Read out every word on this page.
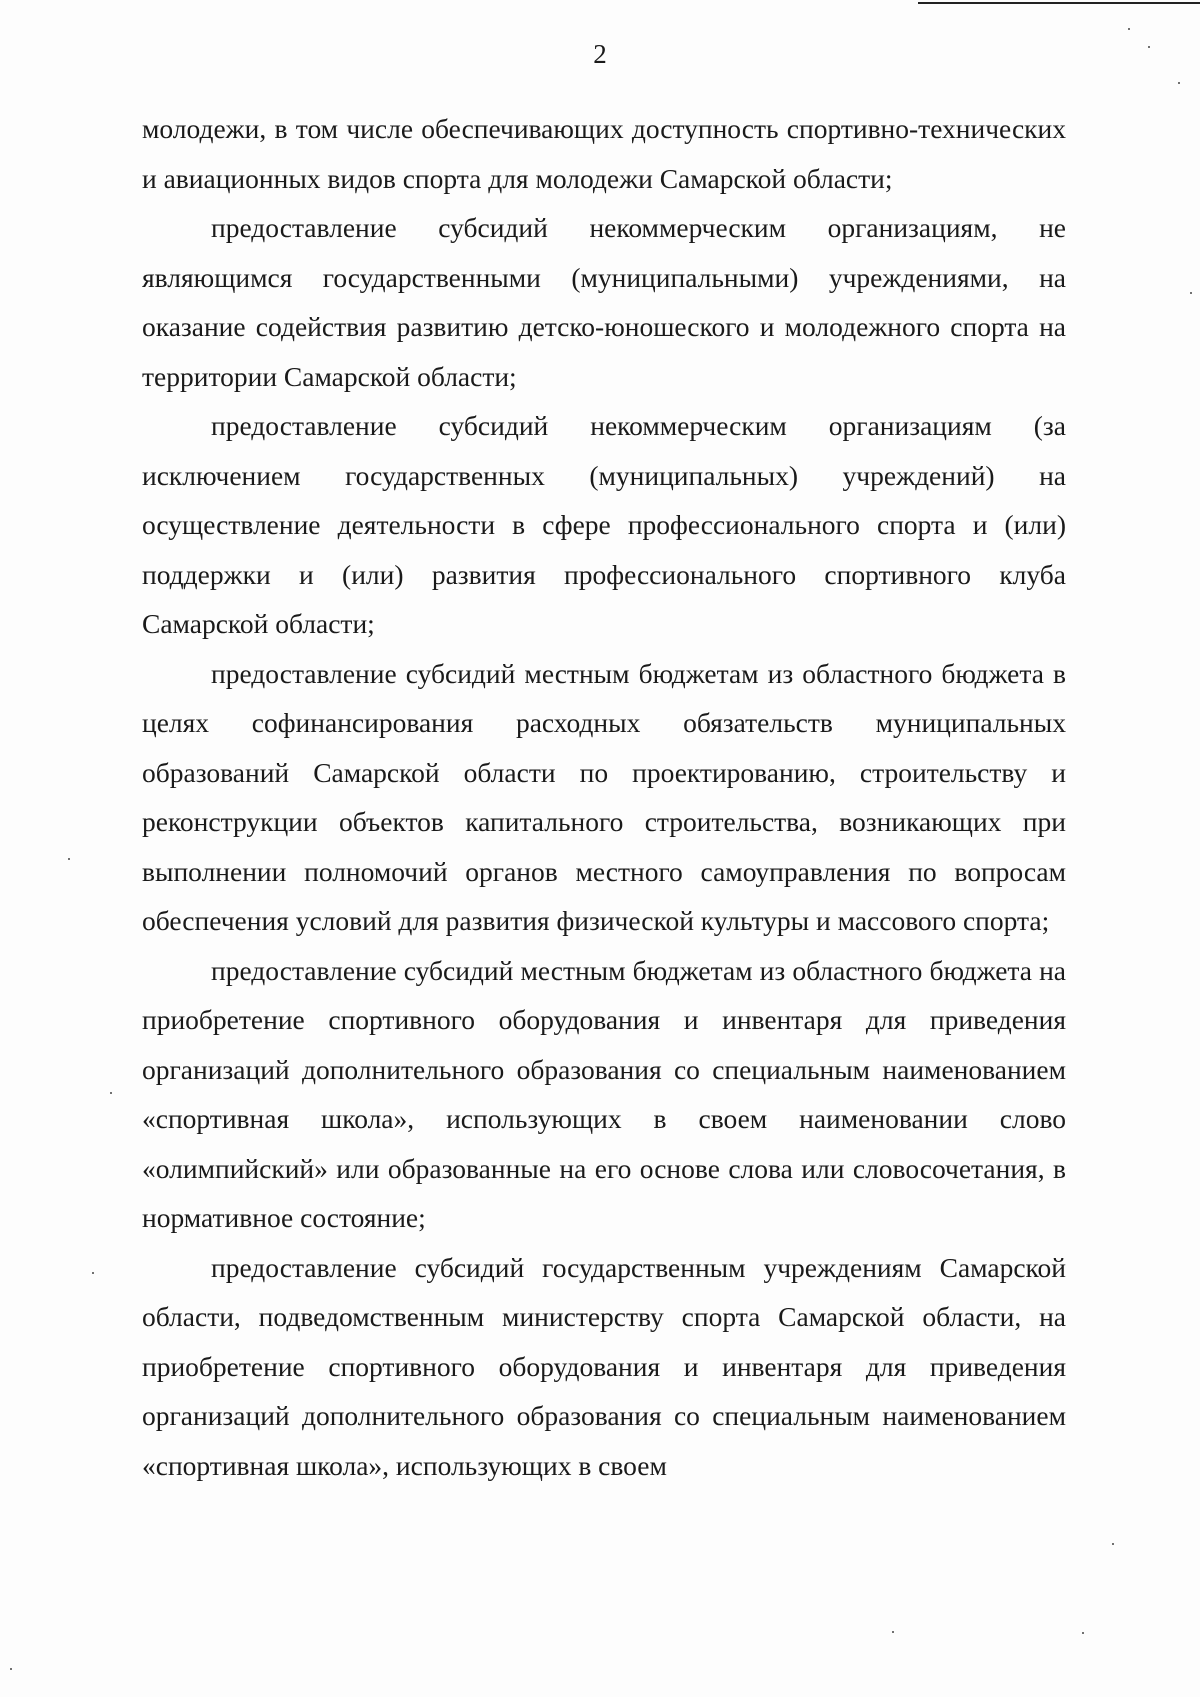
2

молодежи, в том числе обеспечивающих доступность спортивно-технических и авиационных видов спорта для молодежи Самарской области;

предоставление субсидий некоммерческим организациям, не являющимся государственными (муниципальными) учреждениями, на оказание содействия развитию детско-юношеского и молодежного спорта на территории Самарской области;

предоставление субсидий некоммерческим организациям (за исключением государственных (муниципальных) учреждений) на осуществление деятельности в сфере профессионального спорта и (или) поддержки и (или) развития профессионального спортивного клуба Самарской области;

предоставление субсидий местным бюджетам из областного бюджета в целях софинансирования расходных обязательств муниципальных образований Самарской области по проектированию, строительству и реконструкции объектов капитального строительства, возникающих при выполнении полномочий органов местного самоуправления по вопросам обеспечения условий для развития физической культуры и массового спорта;

предоставление субсидий местным бюджетам из областного бюджета на приобретение спортивного оборудования и инвентаря для приведения организаций дополнительного образования со специальным наименованием «спортивная школа», использующих в своем наименовании слово «олимпийский» или образованные на его основе слова или словосочетания, в нормативное состояние;

предоставление субсидий государственным учреждениям Самарской области, подведомственным министерству спорта Самарской области, на приобретение спортивного оборудования и инвентаря для приведения организаций дополнительного образования со специальным наименованием «спортивная школа», использующих в своем
